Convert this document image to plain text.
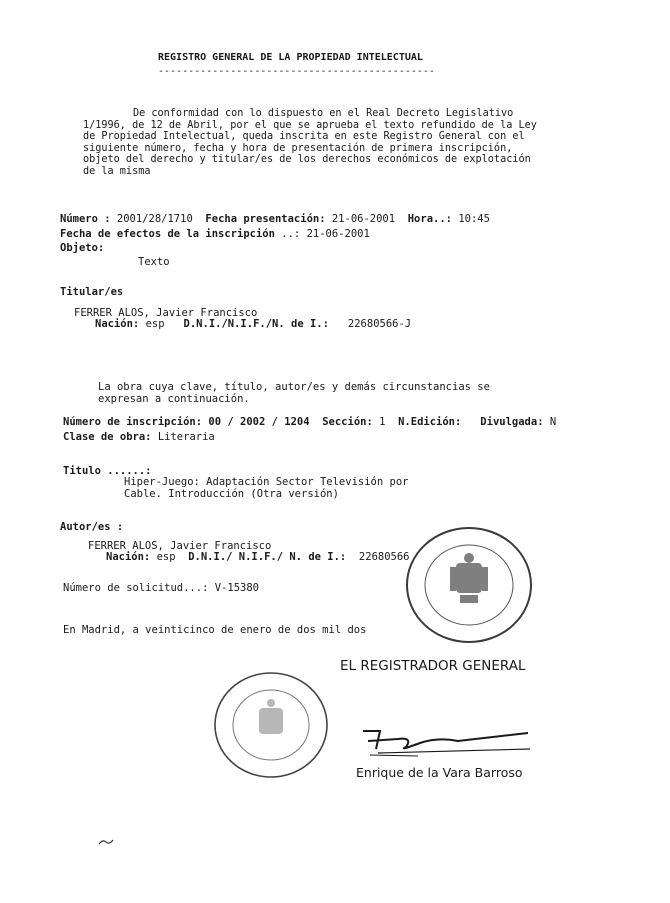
REGISTRO GENERAL DE LA PROPIEDAD INTELECTUAL
----------------------------------------------
De conformidad con lo dispuesto en el Real Decreto Legislativo 1/1996, de 12 de Abril, por el que se aprueba el texto refundido de la Ley de Propiedad Intelectual, queda inscrita en este Registro General con el siguiente número, fecha y hora de presentación de primera inscripción, objeto del derecho y titular/es de los derechos económicos de explotación de la misma
Número : 2001/28/1710 Fecha presentación: 21-06-2001 Hora..: 10:45
Fecha de efectos de la inscripción ..: 21-06-2001
Objeto:
Texto
Titular/es
FERRER ALOS, Javier Francisco
Nación: esp D.N.I./N.I.F./N. de I.: 22680566-J
La obra cuya clave, título, autor/es y demás circunstancias se expresan a continuación.
Número de inscripción: 00 / 2002 / 1204 Sección: 1 N.Edición: Divulgada: N
Clase de obra: Literaria
Titulo ......:
Hiper-Juego: Adaptación Sector Televisión por
Cable. Introducción (Otra versión)
Autor/es :
FERRER ALOS, Javier Francisco
Nación: esp D.N.I./ N.I.F./ N. de I.: 22680566
Número de solicitud...: V-15380
En Madrid, a veinticinco de enero de dos mil dos
EL REGISTRADOR GENERAL

Enrique de la Vara Barroso
